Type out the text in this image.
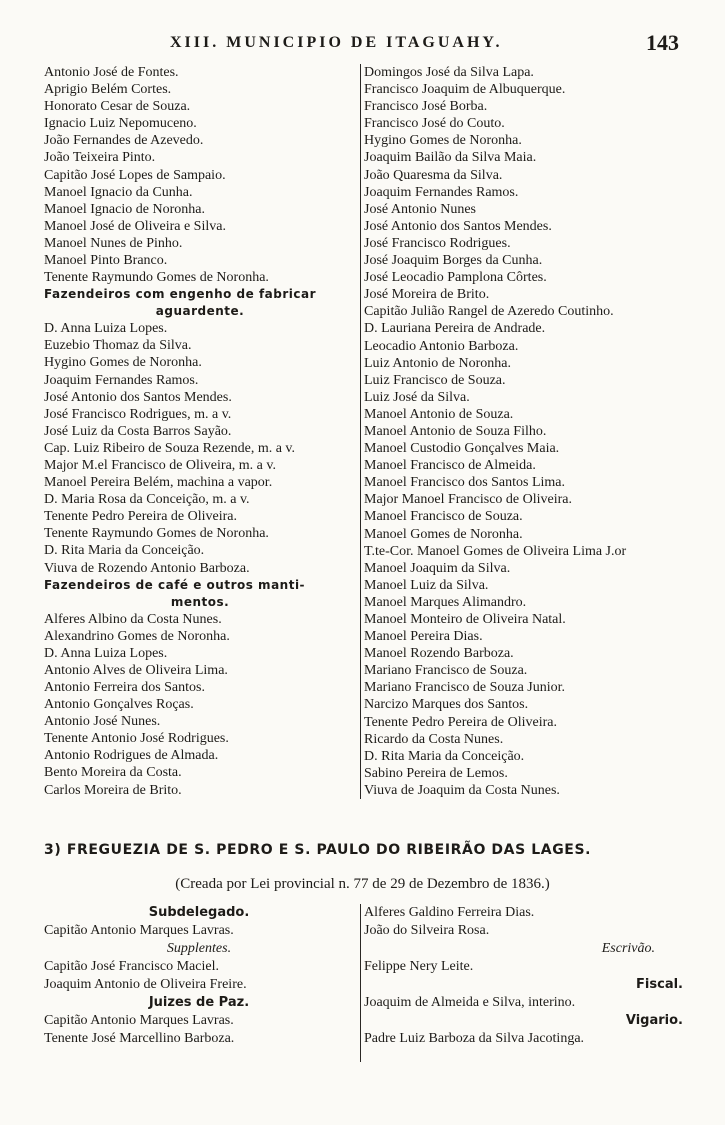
XIII. MUNICIPIO DE ITAGUAHY.	143
Antonio José de Fontes.
Aprigio Belém Cortes.
Honorato Cesar de Souza.
Ignacio Luiz Nepomuceno.
João Fernandes de Azevedo.
João Teixeira Pinto.
Capitão José Lopes de Sampaio.
Manoel Ignacio da Cunha.
Manoel Ignacio de Noronha.
Manoel José de Oliveira e Silva.
Manoel Nunes de Pinho.
Manoel Pinto Branco.
Tenente Raymundo Gomes de Noronha.
Fazendeiros com engenho de fabricar
aguardente.
D. Anna Luiza Lopes.
Euzebio Thomaz da Silva.
Hygino Gomes de Noronha.
Joaquim Fernandes Ramos.
José Antonio dos Santos Mendes.
José Francisco Rodrigues, m. a v.
José Luiz da Costa Barros Sayão.
Cap. Luiz Ribeiro de Souza Rezende, m. a v.
Major M.el Francisco de Oliveira, m. a v.
Manoel Pereira Belém, machina a vapor.
D. Maria Rosa da Conceição, m. a v.
Tenente Pedro Pereira de Oliveira.
Tenente Raymundo Gomes de Noronha.
D. Rita Maria da Conceição.
Viuva de Rozendo Antonio Barboza.
Fazendeiros de café e outros manti-
mentos.
Alferes Albino da Costa Nunes.
Alexandrino Gomes de Noronha.
D. Anna Luiza Lopes.
Antonio Alves de Oliveira Lima.
Antonio Ferreira dos Santos.
Antonio Gonçalves Roças.
Antonio José Nunes.
Tenente Antonio José Rodrigues.
Antonio Rodrigues de Almada.
Bento Moreira da Costa.
Carlos Moreira de Brito.
Domingos José da Silva Lapa.
Francisco Joaquim de Albuquerque.
Francisco José Borba.
Francisco José do Couto.
Hygino Gomes de Noronha.
Joaquim Bailão da Silva Maia.
João Quaresma da Silva.
Joaquim Fernandes Ramos.
José Antonio Nunes
José Antonio dos Santos Mendes.
José Francisco Rodrigues.
José Joaquim Borges da Cunha.
José Leocadio Pamplona Côrtes.
José Moreira de Brito.
Capitão Julião Rangel de Azeredo Coutinho.
D. Lauriana Pereira de Andrade.
Leocadio Antonio Barboza.
Luiz Antonio de Noronha.
Luiz Francisco de Souza.
Luiz José da Silva.
Manoel Antonio de Souza.
Manoel Antonio de Souza Filho.
Manoel Custodio Gonçalves Maia.
Manoel Francisco de Almeida.
Manoel Francisco dos Santos Lima.
Major Manoel Francisco de Oliveira.
Manoel Francisco de Souza.
Manoel Gomes de Noronha.
T.te-Cor. Manoel Gomes de Oliveira Lima J.or
Manoel Joaquim da Silva.
Manoel Luiz da Silva.
Manoel Marques Alimandro.
Manoel Monteiro de Oliveira Natal.
Manoel Pereira Dias.
Manoel Rozendo Barboza.
Mariano Francisco de Souza.
Mariano Francisco de Souza Junior.
Narcizo Marques dos Santos.
Tenente Pedro Pereira de Oliveira.
Ricardo da Costa Nunes.
D. Rita Maria da Conceição.
Sabino Pereira de Lemos.
Viuva de Joaquim da Costa Nunes.
3) FREGUEZIA DE S. PEDRO E S. PAULO DO RIBEIRÃO DAS LAGES.
(Creada por Lei provincial n. 77 de 29 de Dezembro de 1836.)
Subdelegado.
Capitão Antonio Marques Lavras.
Supplentes.
Capitão José Francisco Maciel.
Joaquim Antonio de Oliveira Freire.
Juizes de Paz.
Capitão Antonio Marques Lavras.
Tenente José Marcellino Barboza.
Alferes Galdino Ferreira Dias.
João do Silveira Rosa.
Escrivão.
Felippe Nery Leite.
Fiscal.
Joaquim de Almeida e Silva, interino.
Vigario.
Padre Luiz Barboza da Silva Jacotinga.
